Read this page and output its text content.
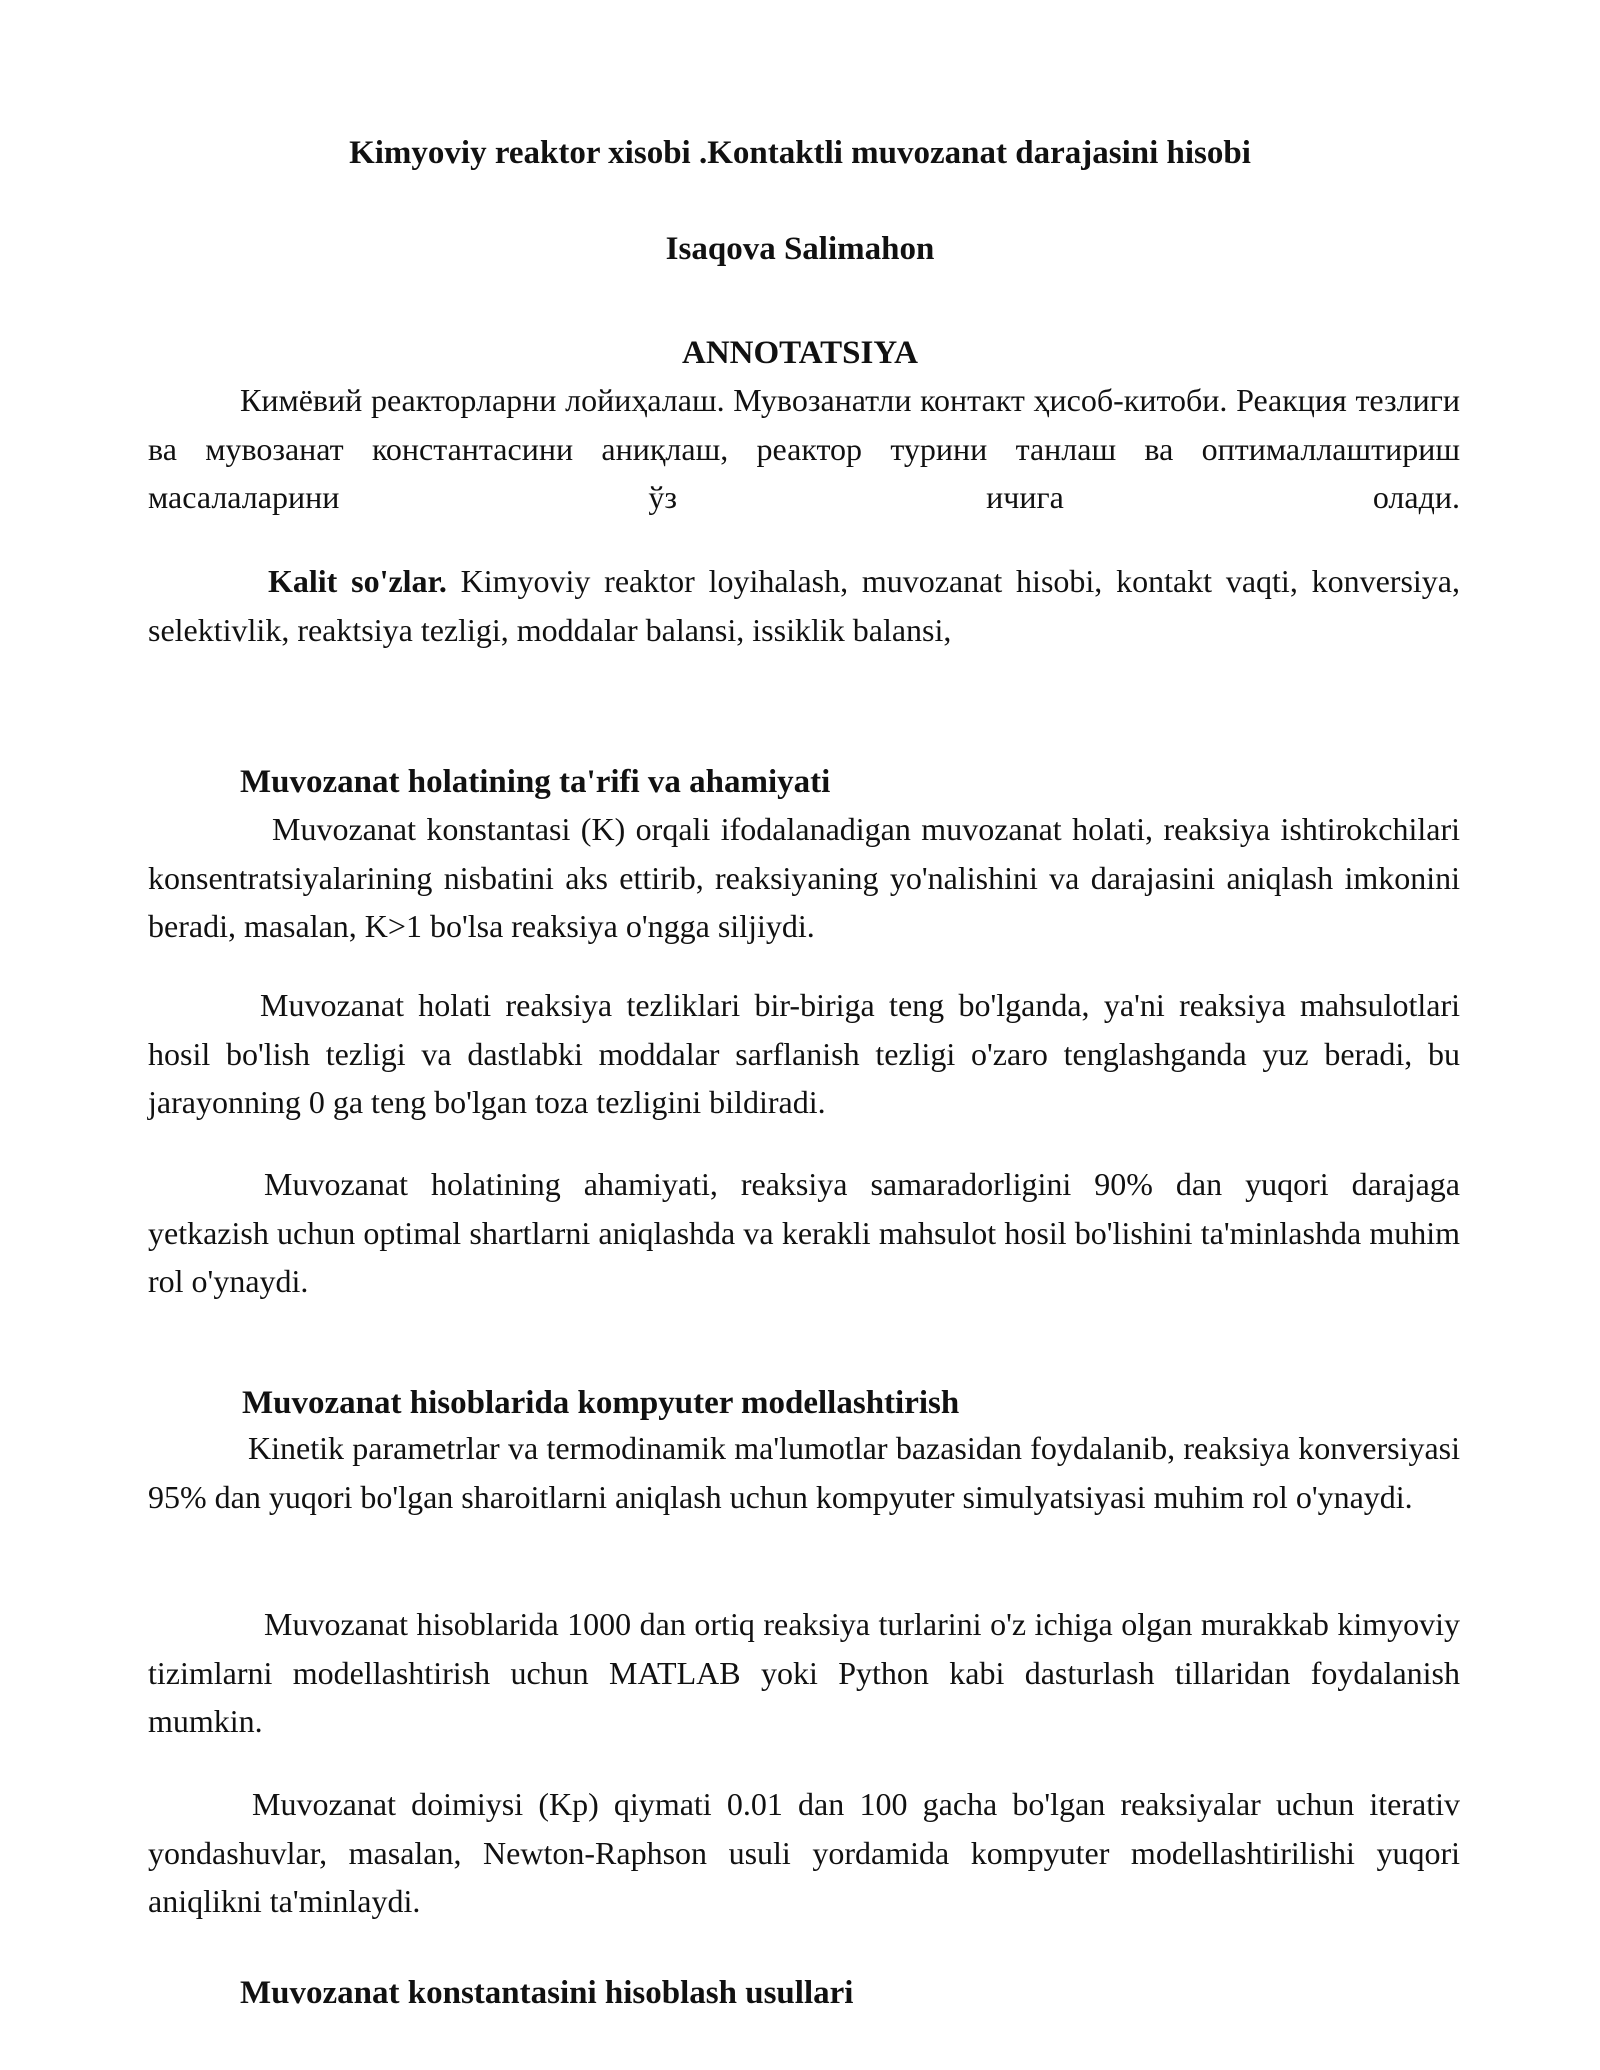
Kimyoviy reaktor xisobi .Kontaktli muvozanat darajasini hisobi
Isaqova Salimahon
ANNOTATSIYA

Кимёвий реакторларни лойиҳалаш. Мувозанатли контакт ҳисоб-китоби. Реакция тезлиги ва мувозанат константасини аниқлаш, реактор турини танлаш ва оптималлаштириш масалаларини ўз ичига олади.

Kalit so'zlar. Kimyoviy reaktor loyihalash, muvozanat hisobi, kontakt vaqti, konversiya, selektivlik, reaktsiya tezligi, moddalar balansi, issiklik balansi,

Muvozanat holatining ta'rifi va ahamiyati

Muvozanat konstantasi (K) orqali ifodalanadigan muvozanat holati, reaksiya ishtirokchilari konsentratsiyalarining nisbatini aks ettirib, reaksiyaning yo'nalishini va darajasini aniqlash imkonini beradi, masalan, K>1 bo'lsa reaksiya o'ngga siljiydi.

Muvozanat holati reaksiya tezliklari bir-biriga teng bo'lganda, ya'ni reaksiya mahsulotlari hosil bo'lish tezligi va dastlabki moddalar sarflanish tezligi o'zaro tenglashganda yuz beradi, bu jarayonning 0 ga teng bo'lgan toza tezligini bildiradi.

Muvozanat holatining ahamiyati, reaksiya samaradorligini 90% dan yuqori darajaga yetkazish uchun optimal shartlarni aniqlashda va kerakli mahsulot hosil bo'lishini ta'minlashda muhim rol o'ynaydi.

Muvozanat hisoblarida kompyuter modellashtirish

Kinetik parametrlar va termodinamik ma'lumotlar bazasidan foydalanib, reaksiya konversiyasi 95% dan yuqori bo'lgan sharoitlarni aniqlash uchun kompyuter simulyatsiyasi muhim rol o'ynaydi.

Muvozanat hisoblarida 1000 dan ortiq reaksiya turlarini o'z ichiga olgan murakkab kimyoviy tizimlarni modellashtirish uchun MATLAB yoki Python kabi dasturlash tillaridan foydalanish mumkin.

Muvozanat doimiysi (Kp) qiymati 0.01 dan 100 gacha bo'lgan reaksiyalar uchun iterativ yondashuvlar, masalan, Newton-Raphson usuli yordamida kompyuter modellashtirilishi yuqori aniqlikni ta'minlaydi.

Muvozanat konstantasini hisoblash usullari
